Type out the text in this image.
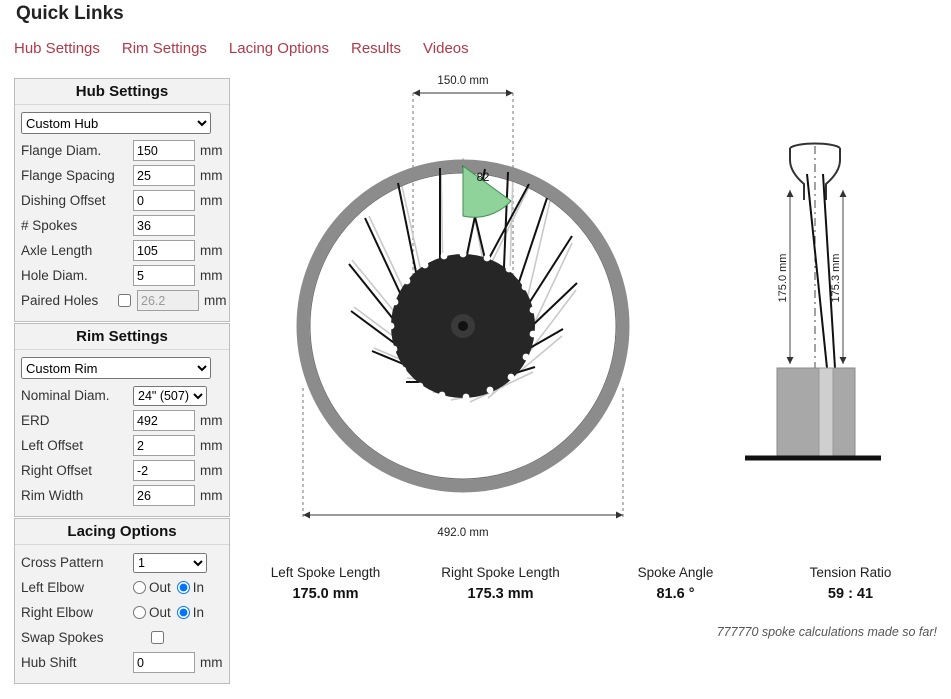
Quick Links
Hub Settings Rim Settings Lacing Options Results Videos
Hub Settings
Custom Hub
Flange Diam.
150	mm
Flange Spacing
25	mm
Dishing Offset
0	mm
# Spokes
36
Axle Length
105	mm
Hole Diam.
5	mm
Paired Holes
26.2	mm
Rim Settings
Custom Rim
Nominal Diam.
24" (507)
ERD
492	mm
Left Offset
2	mm
Right Offset
-2	mm
Rim Width
26	mm
Lacing Options
Cross Pattern
1
Left Elbow	Out In
Right Elbow	Out In
Swap Spokes
Hub Shift
0	mm
150.0 mm
82
492.0 mm
175.0 mm	175.3 mm
Left Spoke Length
175.0 mm
Right Spoke Length
175.3 mm
Spoke Angle
81.6 °
Tension Ratio
59 : 41
777770 spoke calculations made so far!
